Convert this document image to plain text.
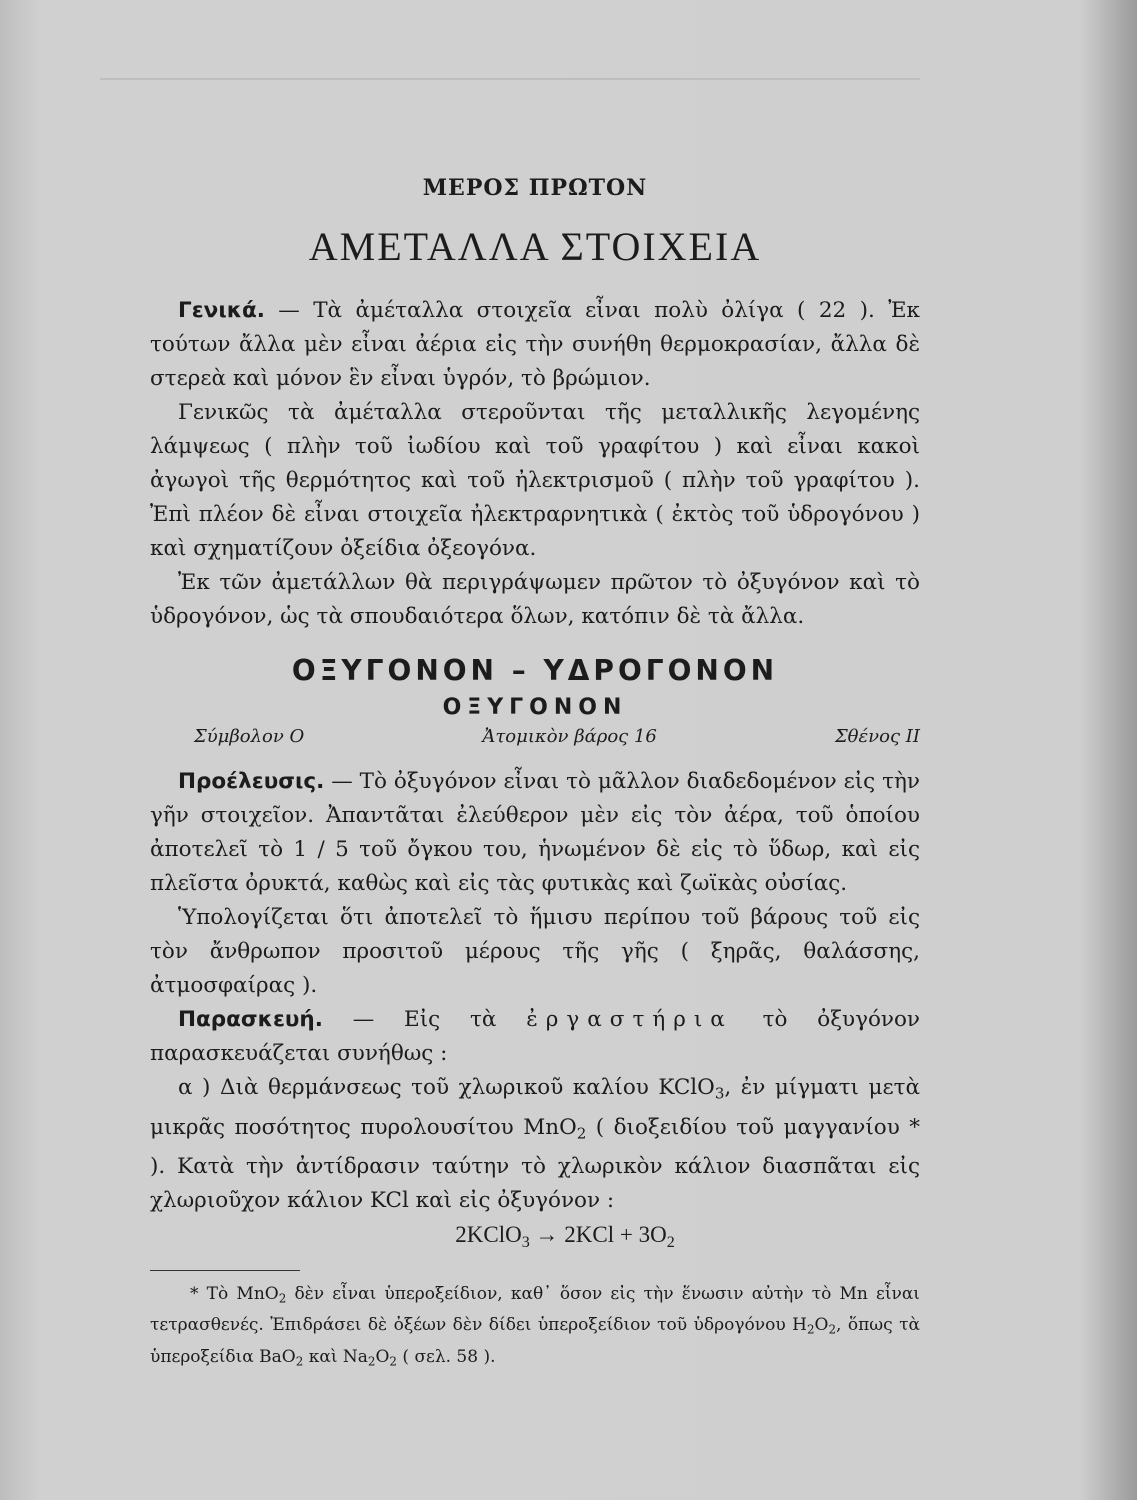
ΜΕΡΟΣ ΠΡΩΤΟΝ
ΑΜΕΤΑΛΛΑ ΣΤΟΙΧΕΙΑ

Γενικά. — Τὰ ἀμέταλλα στοιχεῖα εἶναι πολὺ ὀλίγα ( 22 ). Ἐκ τούτων ἄλλα μὲν εἶναι ἀέρια εἰς τὴν συνήθη θερμοκρασίαν, ἄλλα δὲ στερεὰ καὶ μόνον ἓν εἶναι ὑγρόν, τὸ βρώμιον.

Γενικῶς τὰ ἀμέταλλα στεροῦνται τῆς μεταλλικῆς λεγομένης λάμψεως ( πλὴν τοῦ ἰωδίου καὶ τοῦ γραφίτου ) καὶ εἶναι κακοὶ ἀγωγοὶ τῆς θερμότητος καὶ τοῦ ἠλεκτρισμοῦ ( πλὴν τοῦ γραφίτου ). Ἐπὶ πλέον δὲ εἶναι στοιχεῖα ἠλεκτραρνητικὰ ( ἐκτὸς τοῦ ὑδρογόνου ) καὶ σχηματίζουν ὀξείδια ὀξεογόνα.

Ἐκ τῶν ἀμετάλλων θὰ περιγράψωμεν πρῶτον τὸ ὀξυγόνον καὶ τὸ ὑδρογόνον, ὡς τὰ σπουδαιότερα ὅλων, κατόπιν δὲ τὰ ἄλλα.

ΟΞΥΓΟΝΟΝ – ΥΔΡΟΓΟΝΟΝ
ΟΞΥΓΟΝΟΝ
Σύμβολον Ο	Ἀτομικὸν βάρος 16	Σθένος ΙΙ

Προέλευσις. — Τὸ ὀξυγόνον εἶναι τὸ μᾶλλον διαδεδομένον εἰς τὴν γῆν στοιχεῖον. Ἀπαντᾶται ἐλεύθερον μὲν εἰς τὸν ἀέρα, τοῦ ὁποίου ἀποτελεῖ τὸ 1 / 5 τοῦ ὄγκου του, ἡνωμένον δὲ εἰς τὸ ὕδωρ, καὶ εἰς πλεῖστα ὀρυκτά, καθὼς καὶ εἰς τὰς φυτικὰς καὶ ζωϊκὰς οὐσίας.

Ὑπολογίζεται ὅτι ἀποτελεῖ τὸ ἥμισυ περίπου τοῦ βάρους τοῦ εἰς τὸν ἄνθρωπον προσιτοῦ μέρους τῆς γῆς ( ξηρᾶς, θαλάσσης, ἀτμοσφαίρας ).

Παρασκευή. — Εἰς τὰ ἐργαστήρια τὸ ὀξυγόνον παρασκευάζεται συνήθως :

α ) Διὰ θερμάνσεως τοῦ χλωρικοῦ καλίου KClO$_3$, ἐν μίγματι μετὰ μικρᾶς ποσότητος πυρολουσίτου MnO$_2$ ( διοξειδίου τοῦ μαγγανίου * ). Κατὰ τὴν ἀντίδρασιν ταύτην τὸ χλωρικὸν κάλιον διασπᾶται εἰς χλωριοῦχον κάλιον KCl καὶ εἰς ὀξυγόνον :

2KClO$_3$ → $2KCl + 3O_2$

* Τὸ MnO$_2$ δὲν εἶναι ὑπεροξείδιον, καθ᾽ ὅσον εἰς τὴν ἕνωσιν αὐτὴν τὸ Mn εἶναι τετρασθενές. Ἐπιδράσει δὲ ὀξέων δὲν δίδει ὑπεροξείδιον τοῦ ὑδρογόνου $H_2O_2$, ὅπως τὰ ὑπεροξείδια BaO$_2$ καὶ $Na_2O_2$ ( σελ. 58 ).
